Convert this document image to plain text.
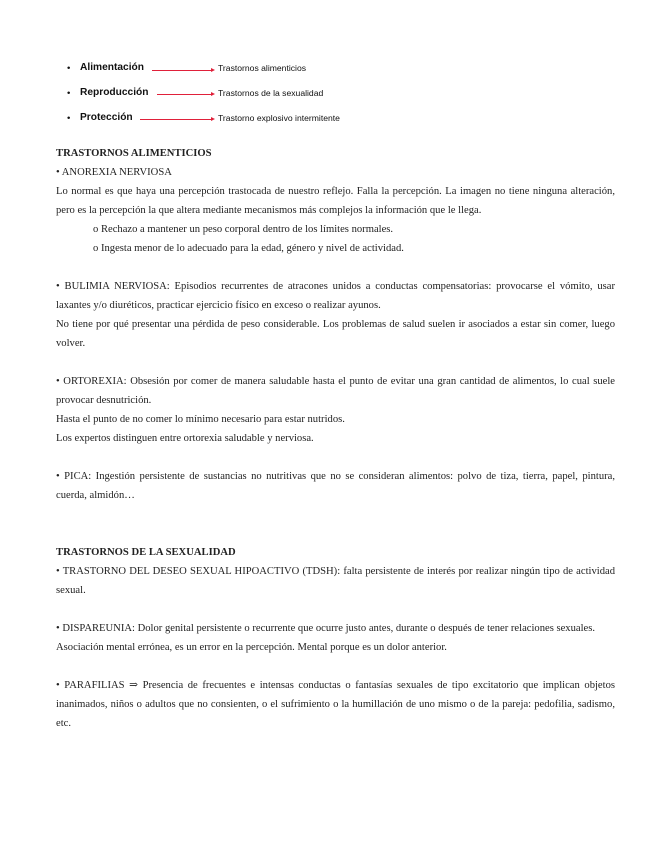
• Alimentación	Trastornos alimenticios
• Reproducción	Trastornos de la sexualidad
• Protección	Trastorno explosivo intermitente
TRASTORNOS ALIMENTICIOS
• ANOREXIA NERVIOSA

Lo normal es que haya una percepción trastocada de nuestro reflejo. Falla la percepción. La imagen no tiene ninguna alteración, pero es la percepción la que altera mediante mecanismos más complejos la información que le llega.

o Rechazo a mantener un peso corporal dentro de los límites normales.

o Ingesta menor de lo adecuado para la edad, género y nivel de actividad.

• BULIMIA NERVIOSA: Episodios recurrentes de atracones unidos a conductas compensatorias: provocarse el vómito, usar laxantes y/o diuréticos, practicar ejercicio físico en exceso o realizar ayunos.

No tiene por qué presentar una pérdida de peso considerable. Los problemas de salud suelen ir asociados a estar sin comer, luego volver.

• ORTOREXIA: Obsesión por comer de manera saludable hasta el punto de evitar una gran cantidad de alimentos, lo cual suele provocar desnutrición.

Hasta el punto de no comer lo mínimo necesario para estar nutridos.

Los expertos distinguen entre ortorexia saludable y nerviosa.

• PICA: Ingestión persistente de sustancias no nutritivas que no se consideran alimentos: polvo de tiza, tierra, papel, pintura, cuerda, almidón…

TRASTORNOS DE LA SEXUALIDAD

• TRASTORNO DEL DESEO SEXUAL HIPOACTIVO (TDSH): falta persistente de interés por realizar ningún tipo de actividad sexual.

• DISPAREUNIA: Dolor genital persistente o recurrente que ocurre justo antes, durante o después de tener relaciones sexuales.

Asociación mental errónea, es un error en la percepción. Mental porque es un dolor anterior.

• PARAFILIAS ⇒ Presencia de frecuentes e intensas conductas o fantasías sexuales de tipo excitatorio que implican objetos inanimados, niños o adultos que no consienten, o el sufrimiento o la humillación de uno mismo o de la pareja: pedofilia, sadismo, etc.
